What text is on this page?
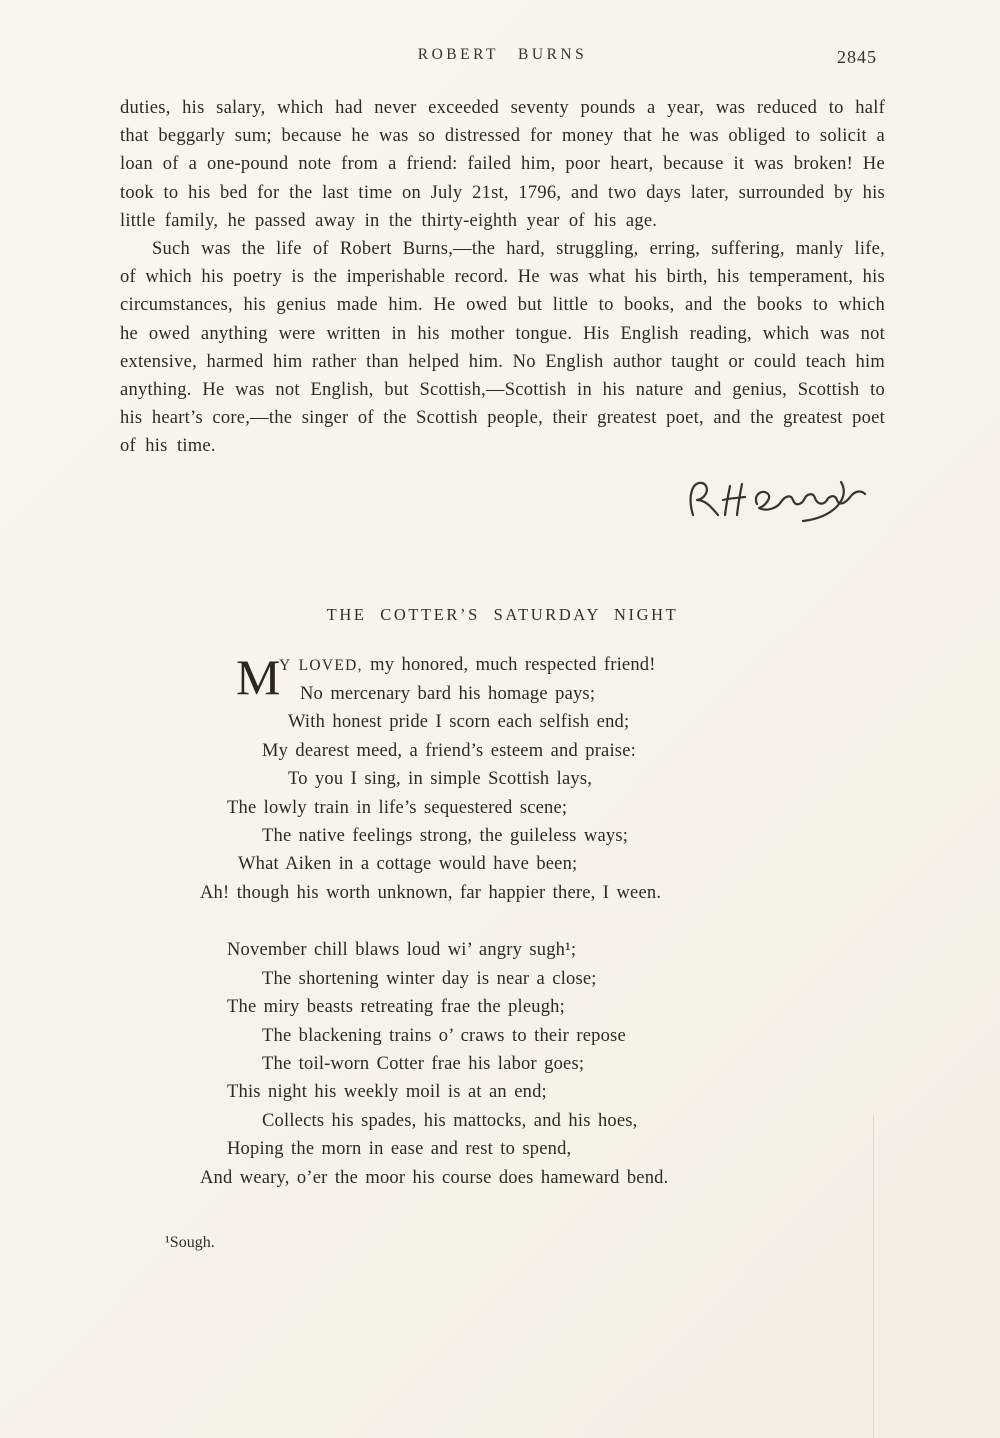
ROBERT BURNS	2845

duties, his salary, which had never exceeded seventy pounds a year, was reduced to half that beggarly sum; because he was so distressed for money that he was obliged to solicit a loan of a one-pound note from a friend: failed him, poor heart, because it was broken! He took to his bed for the last time on July 21st, 1796, and two days later, surrounded by his little family, he passed away in the thirty-eighth year of his age.

Such was the life of Robert Burns,—the hard, struggling, erring, suffering, manly life, of which his poetry is the imperishable record. He was what his birth, his temperament, his circumstances, his genius made him. He owed but little to books, and the books to which he owed anything were written in his mother tongue. His English reading, which was not extensive, harmed him rather than helped him. No English author taught or could teach him anything. He was not English, but Scottish,—Scottish in his nature and genius, Scottish to his heart’s core,—the singer of the Scottish people, their greatest poet, and the greatest poet of his time.

THE COTTER’S SATURDAY NIGHT
M
Y LOVED, my honored, much respected friend!
No mercenary bard his homage pays;
With honest pride I scorn each selfish end;
My dearest meed, a friend’s esteem and praise:
To you I sing, in simple Scottish lays,
The lowly train in life’s sequestered scene;
The native feelings strong, the guileless ways;
What Aiken in a cottage would have been;
Ah! though his worth unknown, far happier there, I ween.
November chill blaws loud wi’ angry sugh¹;
The shortening winter day is near a close;
The miry beasts retreating frae the pleugh;
The blackening trains o’ craws to their repose
The toil-worn Cotter frae his labor goes;
This night his weekly moil is at an end;
Collects his spades, his mattocks, and his hoes,
Hoping the morn in ease and rest to spend,
And weary, o’er the moor his course does hameward bend.
¹Sough.
